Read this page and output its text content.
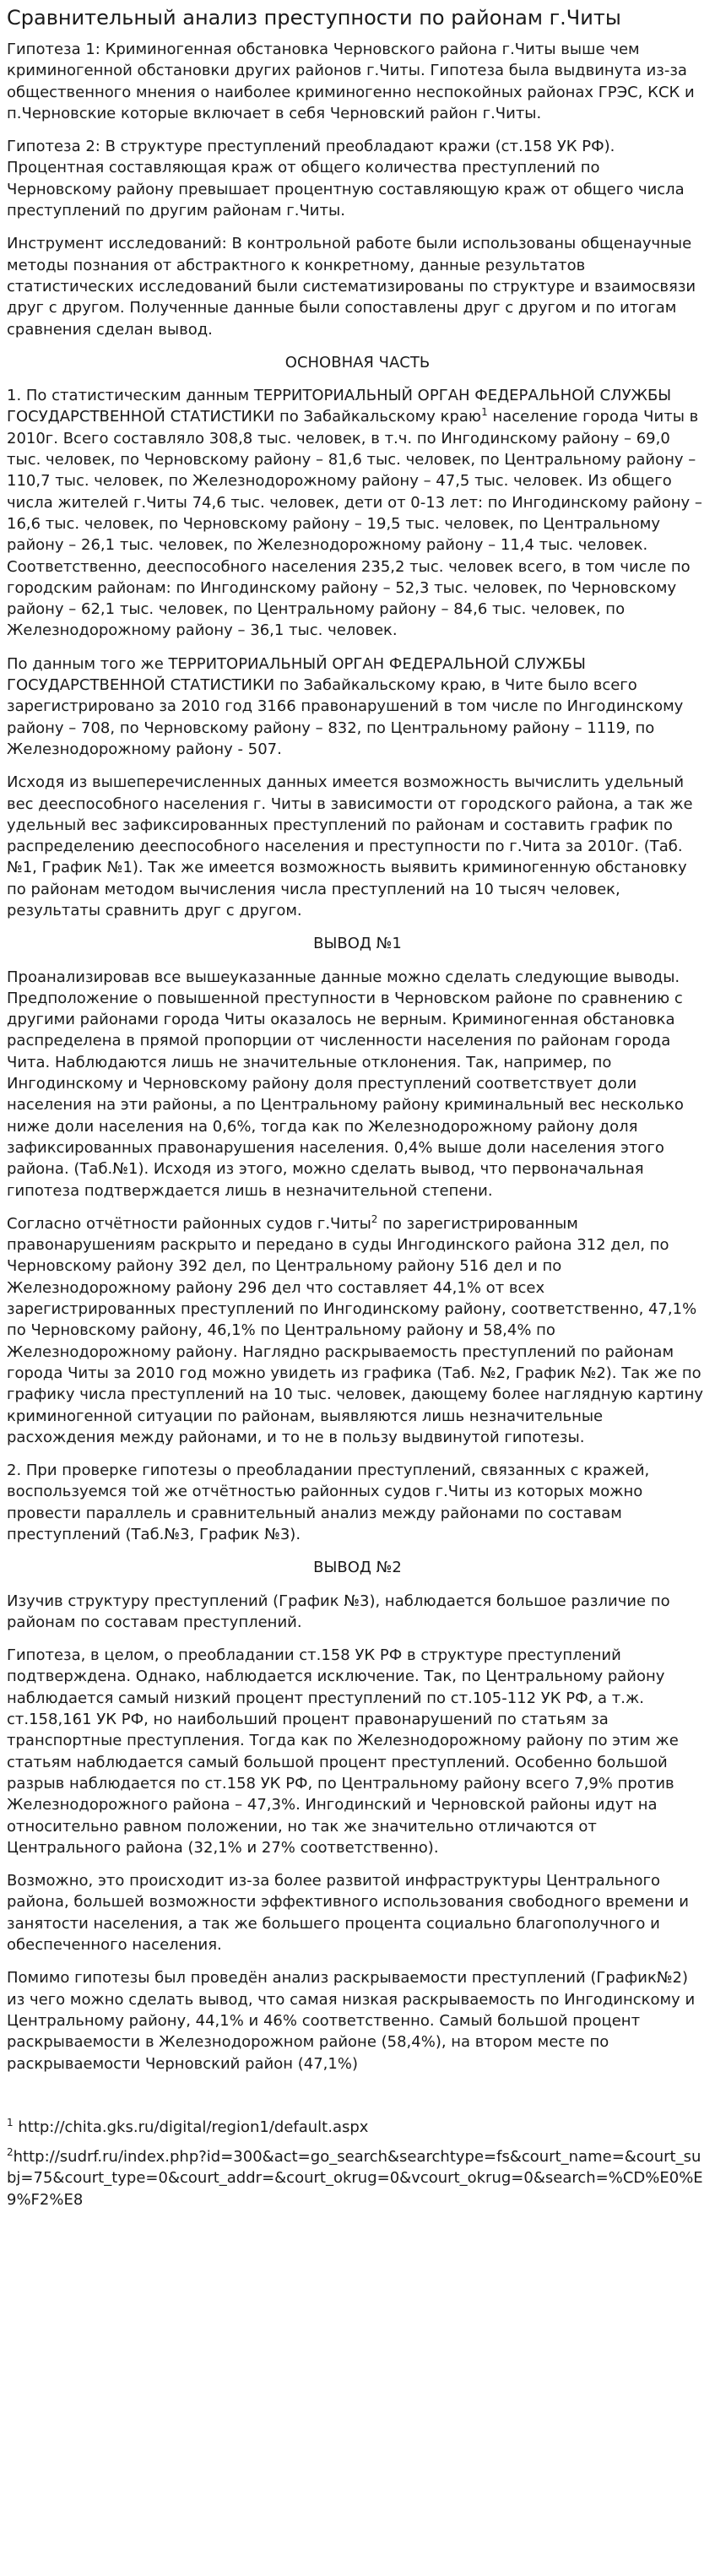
Сравнительный анализ преступности по районам г.Читы

Гипотеза 1: Криминогенная обстановка Черновского района г.Читы выше чем криминогенной обстановки других районов г.Читы. Гипотеза была выдвинута из-за общественного мнения о наиболее криминогенно неспокойных районах ГРЭС, КСК и п.Черновские которые включает в себя Черновский район г.Читы.

Гипотеза 2: В структуре преступлений преобладают кражи (ст.158 УК РФ). Процентная составляющая краж от общего количества преступлений по Черновскому району превышает процентную составляющую краж от общего числа преступлений по другим районам г.Читы.

Инструмент исследований: В контрольной работе были использованы общенаучные методы познания от абстрактного к конкретному, данные результатов статистических исследований были систематизированы по структуре и взаимосвязи друг с другом. Полученные данные были сопоставлены друг с другом и по итогам сравнения сделан вывод.

ОСНОВНАЯ ЧАСТЬ

1. По статистическим данным ТЕРРИТОРИАЛЬНЫЙ ОРГАН ФЕДЕРАЛЬНОЙ СЛУЖБЫ ГОСУДАРСТВЕННОЙ СТАТИСТИКИ по Забайкальскому краю$^1$ население города Читы в 2010г. Всего составляло 308,8 тыс. человек, в т.ч. по Ингодинскому району – 69,0 тыс. человек, по Черновскому району – 81,6 тыс. человек, по Центральному району – 110,7 тыс. человек, по Железнодорожному району – 47,5 тыс. человек. Из общего числа жителей г.Читы 74,6 тыс. человек, дети от 0-13 лет: по Ингодинскому району – 16,6 тыс. человек, по Черновскому району – 19,5 тыс. человек, по Центральному району – 26,1 тыс. человек, по Железнодорожному району – 11,4 тыс. человек. Соответственно, дееспособного населения 235,2 тыс. человек всего, в том числе по городским районам: по Ингодинскому району – 52,3 тыс. человек, по Черновскому району – 62,1 тыс. человек, по Центральному району – 84,6 тыс. человек, по Железнодорожному району – 36,1 тыс. человек.

По данным того же ТЕРРИТОРИАЛЬНЫЙ ОРГАН ФЕДЕРАЛЬНОЙ СЛУЖБЫ ГОСУДАРСТВЕННОЙ СТАТИСТИКИ по Забайкальскому краю, в Чите было всего зарегистрировано за 2010 год 3166 правонарушений в том числе по Ингодинскому району – 708, по Черновскому району – 832, по Центральному району – 1119, по Железнодорожному району - 507.

Исходя из вышеперечисленных данных имеется возможность вычислить удельный вес дееспособного населения г. Читы в зависимости от городского района, а так же удельный вес зафиксированных преступлений по районам и составить график по распределению дееспособного населения и преступности по г.Чита за 2010г. (Таб.№1, График №1). Так же имеется возможность выявить криминогенную обстановку по районам методом вычисления числа преступлений на 10 тысяч человек, результаты сравнить друг с другом.

ВЫВОД №1

Проанализировав все вышеуказанные данные можно сделать следующие выводы. Предположение о повышенной преступности в Черновском районе по сравнению с другими районами города Читы оказалось не верным. Криминогенная обстановка распределена в прямой пропорции от численности населения по районам города Чита. Наблюдаются лишь не значительные отклонения. Так, например, по Ингодинскому и Черновскому району доля преступлений соответствует доли населения на эти районы, а по Центральному району криминальный вес несколько ниже доли населения на 0,6%, тогда как по Железнодорожному району доля зафиксированных правонарушения населения. 0,4% выше доли населения этого района. (Таб.№1). Исходя из этого, можно сделать вывод, что первоначальная гипотеза подтверждается лишь в незначительной степени.

Согласно отчётности районных судов г.Читы$^2$ по зарегистрированным правонарушениям раскрыто и передано в суды Ингодинского района 312 дел, по Черновскому району 392 дел, по Центральному району 516 дел и по Железнодорожному району 296 дел что составляет 44,1% от всех зарегистрированных преступлений по Ингодинскому району, соответственно, 47,1% по Черновскому району, 46,1% по Центральному району и 58,4% по Железнодорожному району. Наглядно раскрываемость преступлений по районам города Читы за 2010 год можно увидеть из графика (Таб. №2, График №2). Так же по графику числа преступлений на 10 тыс. человек, дающему более наглядную картину криминогенной ситуации по районам, выявляются лишь незначительные расхождения между районами, и то не в пользу выдвинутой гипотезы.

2. При проверке гипотезы о преобладании преступлений, связанных с кражей, воспользуемся той же отчётностью районных судов г.Читы из которых можно провести параллель и сравнительный анализ между районами по составам преступлений (Таб.№3, График №3).

ВЫВОД №2

Изучив структуру преступлений (График №3), наблюдается большое различие по районам по составам преступлений.

Гипотеза, в целом, о преобладании ст.158 УК РФ в структуре преступлений подтверждена. Однако, наблюдается исключение. Так, по Центральному району наблюдается самый низкий процент преступлений по ст.105-112 УК РФ, а т.ж. ст.158,161 УК РФ, но наибольший процент правонарушений по статьям за транспортные преступления. Тогда как по Железнодорожному району по этим же статьям наблюдается самый большой процент преступлений. Особенно большой разрыв наблюдается по ст.158 УК РФ, по Центральному району всего 7,9% против Железнодорожного района – 47,3%. Ингодинский и Черновской районы идут на относительно равном положении, но так же значительно отличаются от Центрального района (32,1% и 27% соответственно).

Возможно, это происходит из-за более развитой инфраструктуры Центрального района, большей возможности эффективного использования свободного времени и занятости населения, а так же большего процента социально благополучного и обеспеченного населения.

Помимо гипотезы был проведён анализ раскрываемости преступлений (График№2) из чего можно сделать вывод, что самая низкая раскрываемость по Ингодинскому и Центральному району, 44,1% и 46% соответственно. Самый большой процент раскрываемости в Железнодорожном районе (58,4%), на втором месте по раскрываемости Черновский район (47,1%)

$^1$ http://chita.gks.ru/digital/region1/default.aspx

$^2$http://sudrf.ru/index.php?id=300&act=go_search&searchtype=fs&court_name=&court_subj=75&court_type=0&court_addr=&court_okrug=0&vcourt_okrug=0&search=%CD%E0%E9%F2%E8
